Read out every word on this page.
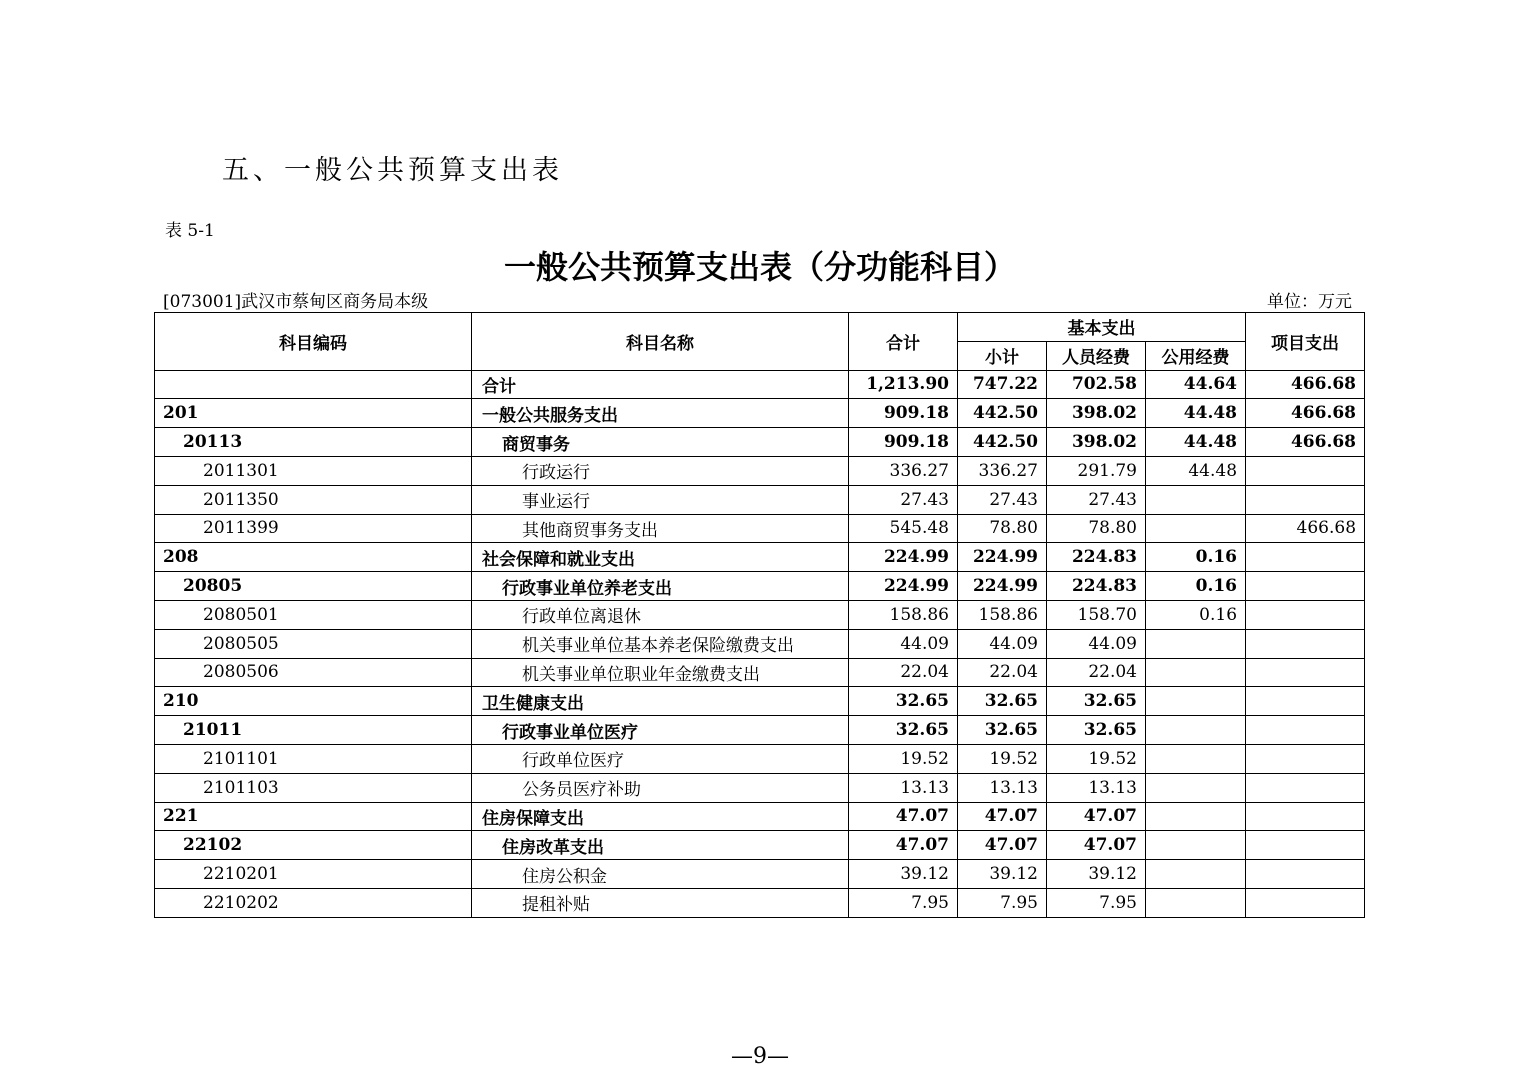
五、一般公共预算支出表
表 5-1
一般公共预算支出表（分功能科目）
[073001]武汉市蔡甸区商务局本级	单位：万元
科目编码	科目名称	合计	基本支出			项目支出
			小计	人员经费	公用经费	
	合计	1,213.90	747.22	702.58	44.64	466.68
201	一般公共服务支出	909.18	442.50	398.02	44.48	466.68
20113	商贸事务	909.18	442.50	398.02	44.48	466.68
2011301	行政运行	336.27	336.27	291.79	44.48	
2011350	事业运行	27.43	27.43	27.43		
2011399	其他商贸事务支出	545.48	78.80	78.80		466.68
208	社会保障和就业支出	224.99	224.99	224.83	0.16	
20805	行政事业单位养老支出	224.99	224.99	224.83	0.16	
2080501	行政单位离退休	158.86	158.86	158.70	0.16	
2080505	机关事业单位基本养老保险缴费支出	44.09	44.09	44.09		
2080506	机关事业单位职业年金缴费支出	22.04	22.04	22.04		
210	卫生健康支出	32.65	32.65	32.65		
21011	行政事业单位医疗	32.65	32.65	32.65		
2101101	行政单位医疗	19.52	19.52	19.52		
2101103	公务员医疗补助	13.13	13.13	13.13		
221	住房保障支出	47.07	47.07	47.07		
22102	住房改革支出	47.07	47.07	47.07		
2210201	住房公积金	39.12	39.12	39.12		
2210202	提租补贴	7.95	7.95	7.95		
—9—
